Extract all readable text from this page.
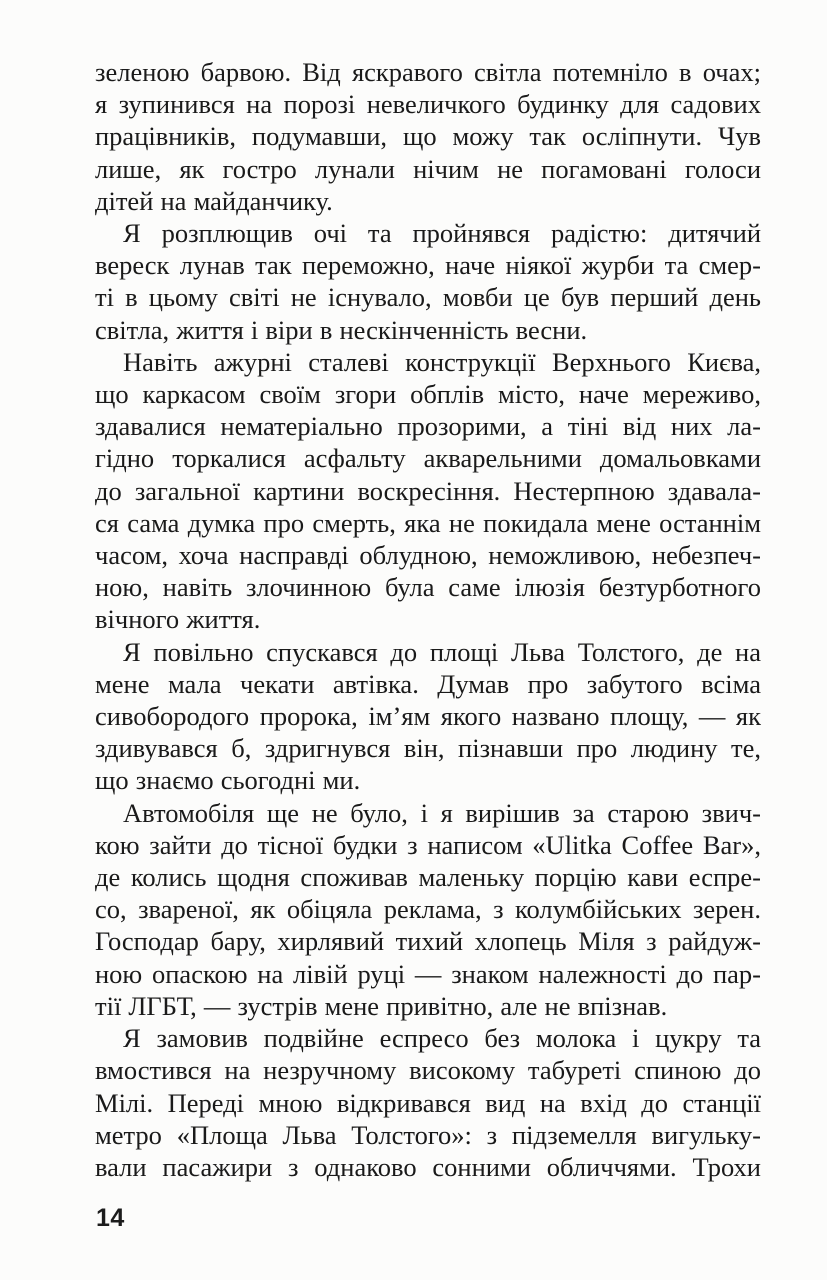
зеленою барвою. Від яскравого світла потемніло в очах;
я зупинився на порозі невеличкого будинку для садових
працівників, подумавши, що можу так осліпнути. Чув
лише, як гостро лунали нічим не погамовані голоси
дітей на майданчику.
Я розплющив очі та пройнявся радістю: дитячий
вереск лунав так переможно, наче ніякої журби та смер-
ті в цьому світі не існувало, мовби це був перший день
світла, життя і віри в нескінченність весни.
Навіть ажурні сталеві конструкції Верхнього Києва,
що каркасом своїм згори обплів місто, наче мереживо,
здавалися нематеріально прозорими, а тіні від них ла-
гідно торкалися асфальту акварельними домальовками
до загальної картини воскресіння. Нестерпною здавала-
ся сама думка про смерть, яка не покидала мене останнім
часом, хоча насправді облудною, неможливою, небезпеч-
ною, навіть злочинною була саме ілюзія безтурботного
вічного життя.
Я повільно спускався до площі Льва Толстого, де на
мене мала чекати автівка. Думав про забутого всіма
сивобородого пророка, ім’ям якого названо площу, — як
здивувався б, здригнувся він, пізнавши про людину те,
що знаємо сьогодні ми.
Автомобіля ще не було, і я вирішив за старою звич-
кою зайти до тісної будки з написом «Ulitka Coffee Bar»,
де колись щодня споживав маленьку порцію кави еспре-
со, звареної, як обіцяла реклама, з колумбійських зерен.
Господар бару, хирлявий тихий хлопець Міля з райдуж-
ною опаскою на лівій руці — знаком належності до пар-
тії ЛГБТ, — зустрів мене привітно, але не впізнав.
Я замовив подвійне еспресо без молока і цукру та
вмостився на незручному високому табуреті спиною до
Мілі. Переді мною відкривався вид на вхід до станції
метро «Площа Льва Толстого»: з підземелля вигульку-
вали пасажири з однаково сонними обличчями. Трохи
14
